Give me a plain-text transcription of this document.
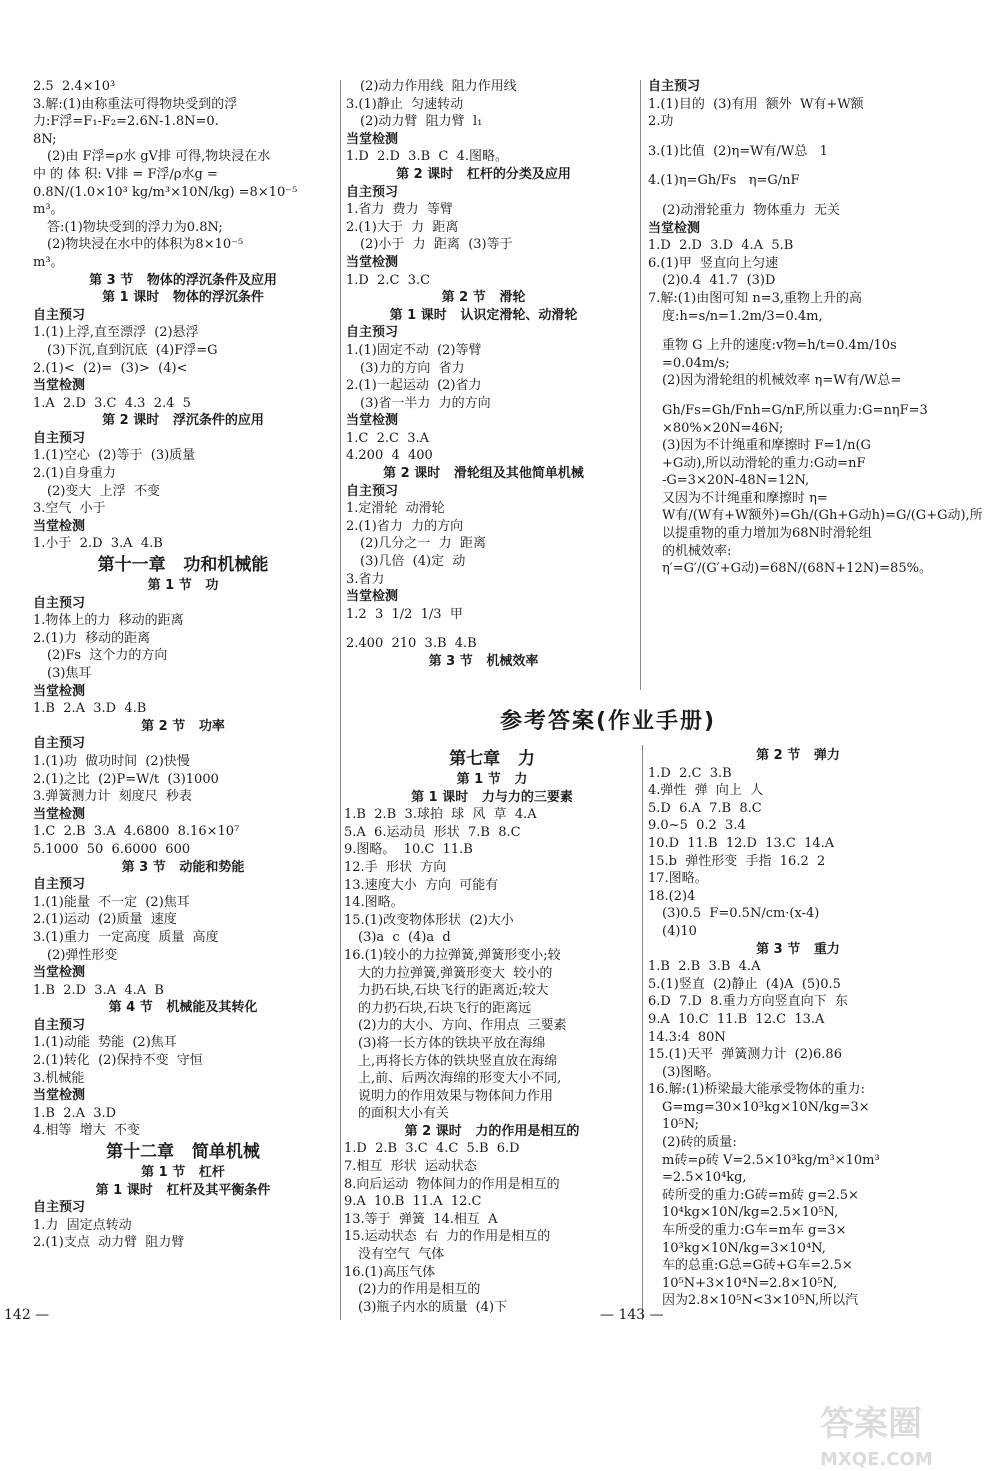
2.5  2.4×10³

3.解:(1)由称重法可得物块受到的浮

力:F浮=F₁-F₂=2.6N-1.8N=0.

8N;

(2)由 F浮=ρ水 gV排 可得,物块浸在水

中 的 体 积: V排 = F浮/ρ水g =

0.8N/(1.0×10³ kg/m³×10N/kg) =8×10⁻⁵

m³。

答:(1)物块受到的浮力为0.8N;

(2)物块浸在水中的体积为8×10⁻⁵

m³。

第 3 节   物体的浮沉条件及应用

第 1 课时   物体的浮沉条件

自主预习

1.(1)上浮,直至漂浮  (2)悬浮

(3)下沉,直到沉底  (4)F浮=G

2.(1)<  (2)=  (3)>  (4)<

当堂检测

1.A  2.D  3.C  4.3  2.4  5

第 2 课时   浮沉条件的应用

自主预习

1.(1)空心  (2)等于  (3)质量

2.(1)自身重力

(2)变大  上浮  不变

3.空气  小于

当堂检测

1.小于  2.D  3.A  4.B

第十一章   功和机械能

第 1 节   功

自主预习

1.物体上的力  移动的距离

2.(1)力  移动的距离

(2)Fs  这个力的方向

(3)焦耳

当堂检测

1.B  2.A  3.D  4.B

第 2 节   功率

自主预习

1.(1)功  做功时间  (2)快慢

2.(1)之比  (2)P=W/t  (3)1000

3.弹簧测力计  刻度尺  秒表

当堂检测

1.C  2.B  3.A  4.6800  8.16×10⁷

5.1000  50  6.6000  600

第 3 节   动能和势能

自主预习

1.(1)能量  不一定  (2)焦耳

2.(1)运动  (2)质量  速度

3.(1)重力  一定高度  质量  高度

(2)弹性形变

当堂检测

1.B  2.D  3.A  4.A  B

第 4 节   机械能及其转化

自主预习

1.(1)动能  势能  (2)焦耳

2.(1)转化  (2)保持不变  守恒

3.机械能

当堂检测

1.B  2.A  3.D

4.相等  增大  不变

第十二章   简单机械

第 1 节   杠杆

第 1 课时   杠杆及其平衡条件

自主预习

1.力  固定点转动

2.(1)支点  动力臂  阻力臂

(2)动力作用线  阻力作用线

3.(1)静止  匀速转动

(2)动力臂  阻力臂  l₁

当堂检测

1.D  2.D  3.B  C  4.图略。

第 2 课时   杠杆的分类及应用

自主预习

1.省力  费力  等臂

2.(1)大于  力  距离

(2)小于  力  距离  (3)等于

当堂检测

1.D  2.C  3.C

第 2 节   滑轮

第 1 课时   认识定滑轮、动滑轮

自主预习

1.(1)固定不动  (2)等臂

(3)力的方向  省力

2.(1)一起运动  (2)省力

(3)省一半力  力的方向

当堂检测

1.C  2.C  3.A

4.200  4  400

第 2 课时   滑轮组及其他简单机械

自主预习

1.定滑轮  动滑轮

2.(1)省力  力的方向

(2)几分之一  力  距离

(3)几倍  (4)定  动

3.省力

当堂检测

1.2  3  1/2  1/3  甲

2.400  210  3.B  4.B

第 3 节   机械效率

自主预习

1.(1)目的  (3)有用  额外  W有+W额

2.功

3.(1)比值  (2)η=W有/W总   1

4.(1)η=Gh/Fs   η=G/nF

(2)动滑轮重力  物体重力  无关

当堂检测

1.D  2.D  3.D  4.A  5.B

6.(1)甲  竖直向上匀速

(2)0.4  41.7  (3)D

7.解:(1)由图可知 n=3,重物上升的高

度:h=s/n=1.2m/3=0.4m,

重物 G 上升的速度:v物=h/t=0.4m/10s

=0.04m/s;

(2)因为滑轮组的机械效率 η=W有/W总=

Gh/Fs=Gh/Fnh=G/nF,所以重力:G=nηF=3

×80%×20N=46N;

(3)因为不计绳重和摩擦时 F=1/n(G

+G动),所以动滑轮的重力:G动=nF

-G=3×20N-48N=12N,

又因为不计绳重和摩擦时 η=

W有/(W有+W额外)=Gh/(Gh+G动h)=G/(G+G动),所

以提重物的重力增加为68N时滑轮组

的机械效率:

η′=G′/(G′+G动)=68N/(68N+12N)=85%。

参考答案(作业手册)

第七章   力

第 1 节   力

第 1 课时   力与力的三要素

1.B  2.B  3.球拍  球  风  草  4.A

5.A  6.运动员  形状  7.B  8.C

9.图略。  10.C  11.B

12.手  形状  方向

13.速度大小  方向  可能有

14.图略。

15.(1)改变物体形状  (2)大小

(3)a  c  (4)a  d

16.(1)较小的力拉弹簧,弹簧形变小;较

大的力拉弹簧,弹簧形变大  较小的

力扔石块,石块飞行的距离近;较大

的力扔石块,石块飞行的距离远

(2)力的大小、方向、作用点  三要素

(3)将一长方体的铁块平放在海绵

上,再将长方体的铁块竖直放在海绵

上,前、后两次海绵的形变大小不同,

说明力的作用效果与物体间力作用

的面积大小有关

第 2 课时   力的作用是相互的

1.D  2.B  3.C  4.C  5.B  6.D

7.相互  形状  运动状态

8.向后运动  物体间力的作用是相互的

9.A  10.B  11.A  12.C

13.等于  弹簧  14.相互  A

15.运动状态  右  力的作用是相互的

没有空气  气体

16.(1)高压气体

(2)力的作用是相互的

(3)瓶子内水的质量  (4)下

第 2 节   弹力

1.D  2.C  3.B

4.弹性  弹  向上  人

5.D  6.A  7.B  8.C

9.0~5  0.2  3.4

10.D  11.B  12.D  13.C  14.A

15.b  弹性形变  手指  16.2  2

17.图略。

18.(2)4

(3)0.5  F=0.5N/cm·(x-4)

(4)10

第 3 节   重力

1.B  2.B  3.B  4.A

5.(1)竖直  (2)静止  (4)A  (5)0.5

6.D  7.D  8.重力方向竖直向下  东

9.A  10.C  11.B  12.C  13.A

14.3:4  80N

15.(1)天平  弹簧测力计  (2)6.86

(3)图略。

16.解:(1)桥梁最大能承受物体的重力:

G=mg=30×10³kg×10N/kg=3×

10⁵N;

(2)砖的质量:

m砖=ρ砖 V=2.5×10³kg/m³×10m³

=2.5×10⁴kg,

砖所受的重力:G砖=m砖 g=2.5×

10⁴kg×10N/kg=2.5×10⁵N,

车所受的重力:G车=m车 g=3×

10³kg×10N/kg=3×10⁴N,

车的总重:G总=G砖+G车=2.5×

10⁵N+3×10⁴N=2.8×10⁵N,

因为2.8×10⁵N<3×10⁵N,所以汽

142 —	— 143 —
答案圈
MXQE.COM
